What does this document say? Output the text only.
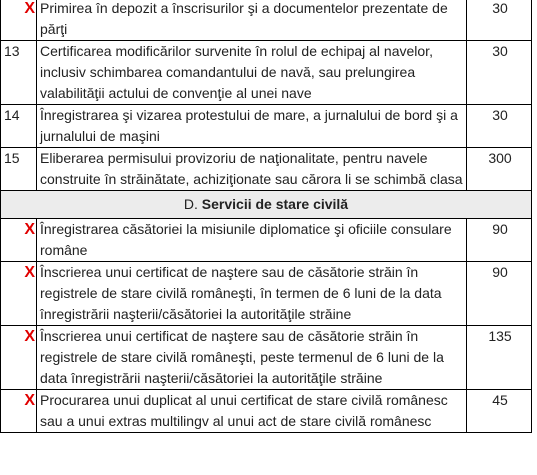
X	Primirea în depozit a înscrisurilor şi a documentelor prezentate de părţi	30
13	Certificarea modificărilor survenite în rolul de echipaj al navelor, inclusiv schimbarea comandantului de navă, sau prelungirea valabilităţii actului de convenţie al unei nave	30
14	Înregistrarea şi vizarea protestului de mare, a jurnalului de bord şi a jurnalului de maşini	30
15	Eliberarea permisului provizoriu de naţionalitate, pentru navele construite în străinătate, achiziţionate sau cărora li se schimbă clasa	300
D. Servicii de stare civilă		
X	Înregistrarea căsătoriei la misiunile diplomatice şi oficiile consulare române	90
X	Înscrierea unui certificat de naştere sau de căsătorie străin în registrele de stare civilă româneşti, în termen de 6 luni de la data înregistrării naşterii/căsătoriei la autorităţile străine	90
X	Înscrierea unui certificat de naştere sau de căsătorie străin în registrele de stare civilă româneşti, peste termenul de 6 luni de la data înregistrării naşterii/căsătoriei la autorităţile străine	135
X	Procurarea unui duplicat al unui certificat de stare civilă românesc sau a unui extras multilingv al unui act de stare civilă românesc	45
